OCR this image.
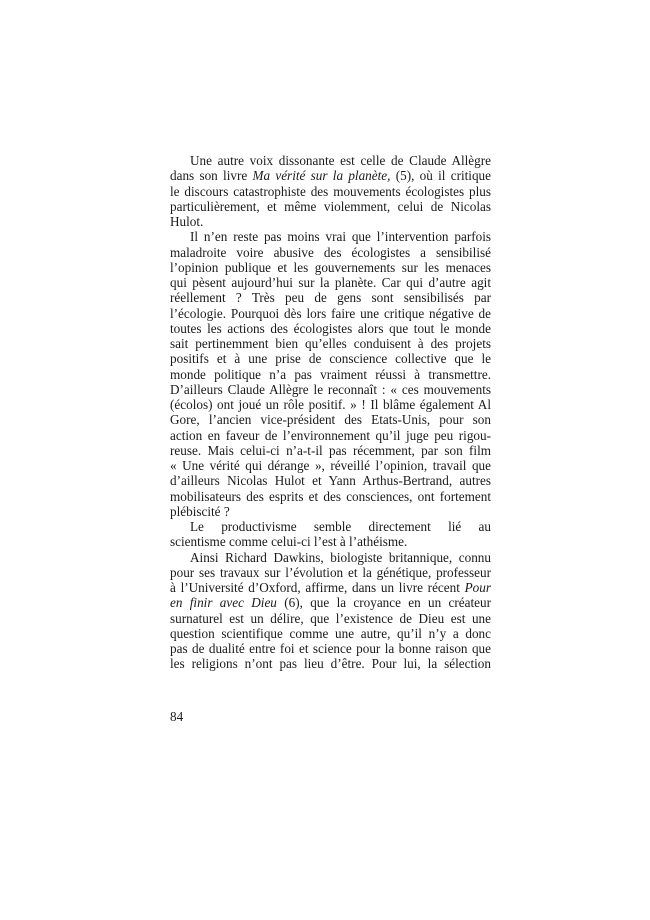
Une autre voix dissonante est celle de Claude Allègre
dans son livre Ma vérité sur la planète, (5), où il critique
le discours catastrophiste des mouvements écologistes plus
particulièrement, et même violemment, celui de Nicolas
Hulot.
Il n’en reste pas moins vrai que l’intervention parfois
maladroite voire abusive des écologistes a sensibilisé
l’opinion publique et les gouvernements sur les menaces
qui pèsent aujourd’hui sur la planète. Car qui d’autre agit
réellement ? Très peu de gens sont sensibilisés par
l’écologie. Pourquoi dès lors faire une critique négative de
toutes les actions des écologistes alors que tout le monde
sait pertinemment bien qu’elles conduisent à des projets
positifs et à une prise de conscience collective que le
monde politique n’a pas vraiment réussi à transmettre.
D’ailleurs Claude Allègre le reconnaît : « ces mouvements
(écolos) ont joué un rôle positif. » ! Il blâme également Al
Gore, l’ancien vice-président des Etats-Unis, pour son
action en faveur de l’environnement qu’il juge peu rigou-
reuse. Mais celui-ci n’a-t-il pas récemment, par son film
« Une vérité qui dérange », réveillé l’opinion, travail que
d’ailleurs Nicolas Hulot et Yann Arthus-Bertrand, autres
mobilisateurs des esprits et des consciences, ont fortement
plébiscité ?
Le productivisme semble directement lié au
scientisme comme celui-ci l’est à l’athéisme.
Ainsi Richard Dawkins, biologiste britannique, connu
pour ses travaux sur l’évolution et la génétique, professeur
à l’Université d’Oxford, affirme, dans un livre récent Pour
en finir avec Dieu (6), que la croyance en un créateur
surnaturel est un délire, que l’existence de Dieu est une
question scientifique comme une autre, qu’il n’y a donc
pas de dualité entre foi et science pour la bonne raison que
les religions n’ont pas lieu d’être. Pour lui, la sélection
84
